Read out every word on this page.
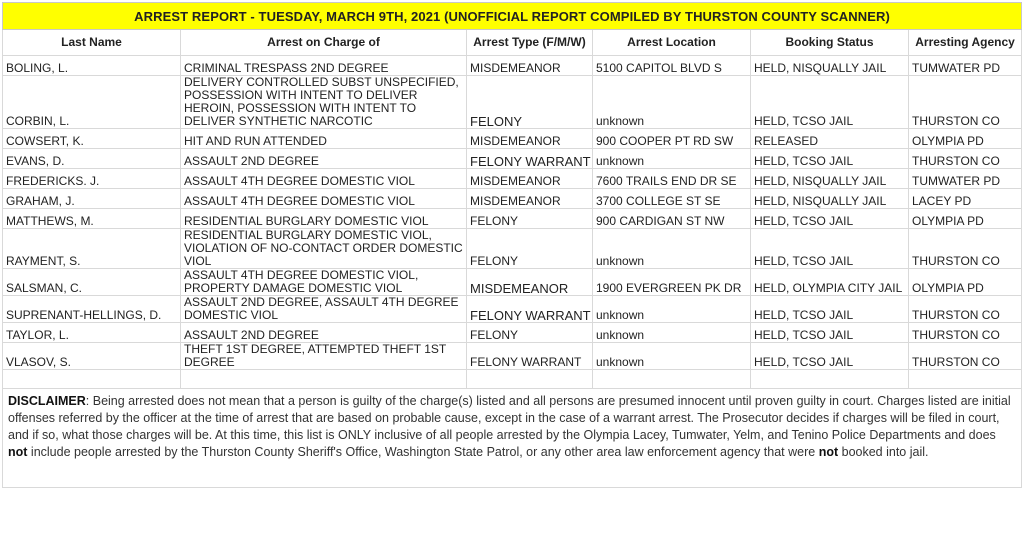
ARREST REPORT - TUESDAY, MARCH 9TH, 2021 (UNOFFICIAL REPORT COMPILED BY THURSTON COUNTY SCANNER)					
Last Name	Arrest on Charge of	Arrest Type (F/M/W)	Arrest Location	Booking Status	Arresting Agency
BOLING, L.	CRIMINAL TRESPASS 2ND DEGREE	MISDEMEANOR	5100 CAPITOL BLVD S	HELD, NISQUALLY JAIL	TUMWATER PD
CORBIN, L.	DELIVERY CONTROLLED SUBST UNSPECIFIED, POSSESSION WITH INTENT TO DELIVER HEROIN, POSSESSION WITH INTENT TO DELIVER SYNTHETIC NARCOTIC	FELONY	unknown	HELD, TCSO JAIL	THURSTON CO
COWSERT, K.	HIT AND RUN ATTENDED	MISDEMEANOR	900 COOPER PT RD SW	RELEASED	OLYMPIA PD
EVANS, D.	ASSAULT 2ND DEGREE	FELONY WARRANT	unknown	HELD, TCSO JAIL	THURSTON CO
FREDERICKS. J.	ASSAULT 4TH DEGREE DOMESTIC VIOL	MISDEMEANOR	7600 TRAILS END DR SE	HELD, NISQUALLY JAIL	TUMWATER PD
GRAHAM, J.	ASSAULT 4TH DEGREE DOMESTIC VIOL	MISDEMEANOR	3700 COLLEGE ST SE	HELD, NISQUALLY JAIL	LACEY PD
MATTHEWS, M.	RESIDENTIAL BURGLARY DOMESTIC VIOL	FELONY	900 CARDIGAN ST NW	HELD, TCSO JAIL	OLYMPIA PD
RAYMENT, S.	RESIDENTIAL BURGLARY DOMESTIC VIOL, VIOLATION OF NO-CONTACT ORDER DOMESTIC VIOL	FELONY	unknown	HELD, TCSO JAIL	THURSTON CO
SALSMAN, C.	ASSAULT 4TH DEGREE DOMESTIC VIOL, PROPERTY DAMAGE DOMESTIC VIOL	MISDEMEANOR	1900 EVERGREEN PK DR	HELD, OLYMPIA CITY JAIL	OLYMPIA PD
SUPRENANT-HELLINGS, D.	ASSAULT 2ND DEGREE, ASSAULT 4TH DEGREE DOMESTIC VIOL	FELONY WARRANT	unknown	HELD, TCSO JAIL	THURSTON CO
TAYLOR, L.	ASSAULT 2ND DEGREE	FELONY	unknown	HELD, TCSO JAIL	THURSTON CO
VLASOV, S.	THEFT 1ST DEGREE, ATTEMPTED THEFT 1ST DEGREE	FELONY WARRANT	unknown	HELD, TCSO JAIL	THURSTON CO

DISCLAIMER: Being arrested does not mean that a person is guilty of the charge(s) listed and all persons are presumed innocent until proven guilty in court. Charges listed are initial offenses referred by the officer at the time of arrest that are based on probable cause, except in the case of a warrant arrest. The Prosecutor decides if charges will be filed in court, and if so, what those charges will be. At this time, this list is ONLY inclusive of all people arrested by the Olympia Lacey, Tumwater, Yelm, and Tenino Police Departments and does not include people arrested by the Thurston County Sheriff's Office, Washington State Patrol, or any other area law enforcement agency that were not booked into jail.					
